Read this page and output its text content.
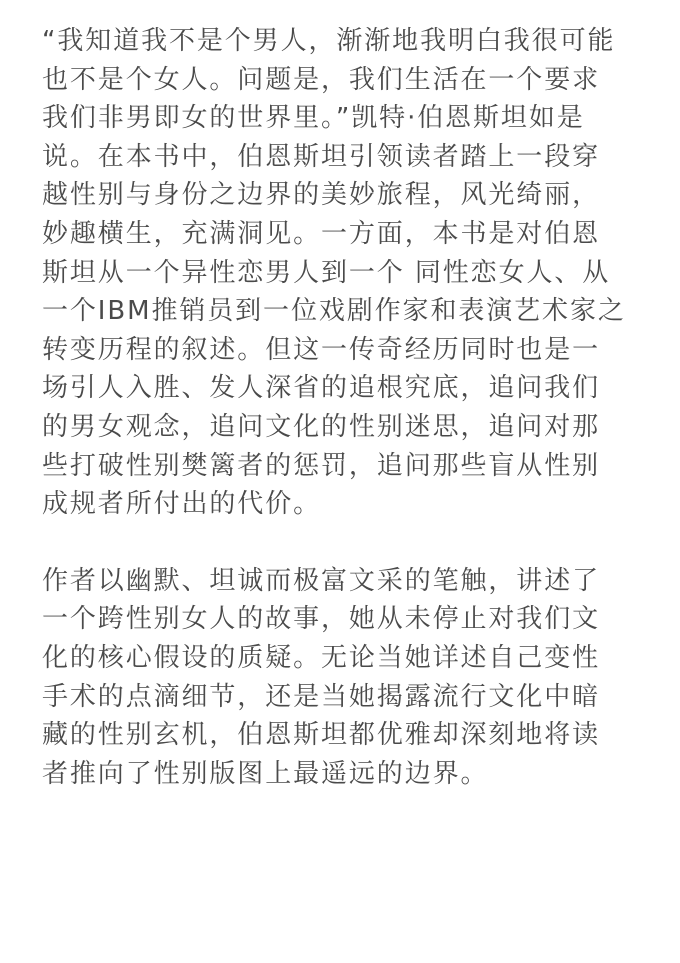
“我知道我不是个男人，渐渐地我明白我很可能
也不是个女人。问题是，我们生活在一个要求
我们非男即女的世界里。”凯特·伯恩斯坦如是
说。在本书中，伯恩斯坦引领读者踏上一段穿
越性别与身份之边界的美妙旅程，风光绮丽，
妙趣横生，充满洞见。一方面，本书是对伯恩
斯坦从一个异性恋男人到一个 同性恋女人、从
一个IBM推销员到一位戏剧作家和表演艺术家之
转变历程的叙述。但这一传奇经历同时也是一
场引人入胜、发人深省的追根究底，追问我们
的男女观念，追问文化的性别迷思，追问对那
些打破性别樊篱者的惩罚，追问那些盲从性别
成规者所付出的代价。

作者以幽默、坦诚而极富文采的笔触，讲述了
一个跨性别女人的故事，她从未停止对我们文
化的核心假设的质疑。无论当她详述自己变性
手术的点滴细节，还是当她揭露流行文化中暗
藏的性别玄机，伯恩斯坦都优雅却深刻地将读
者推向了性别版图上最遥远的边界。
